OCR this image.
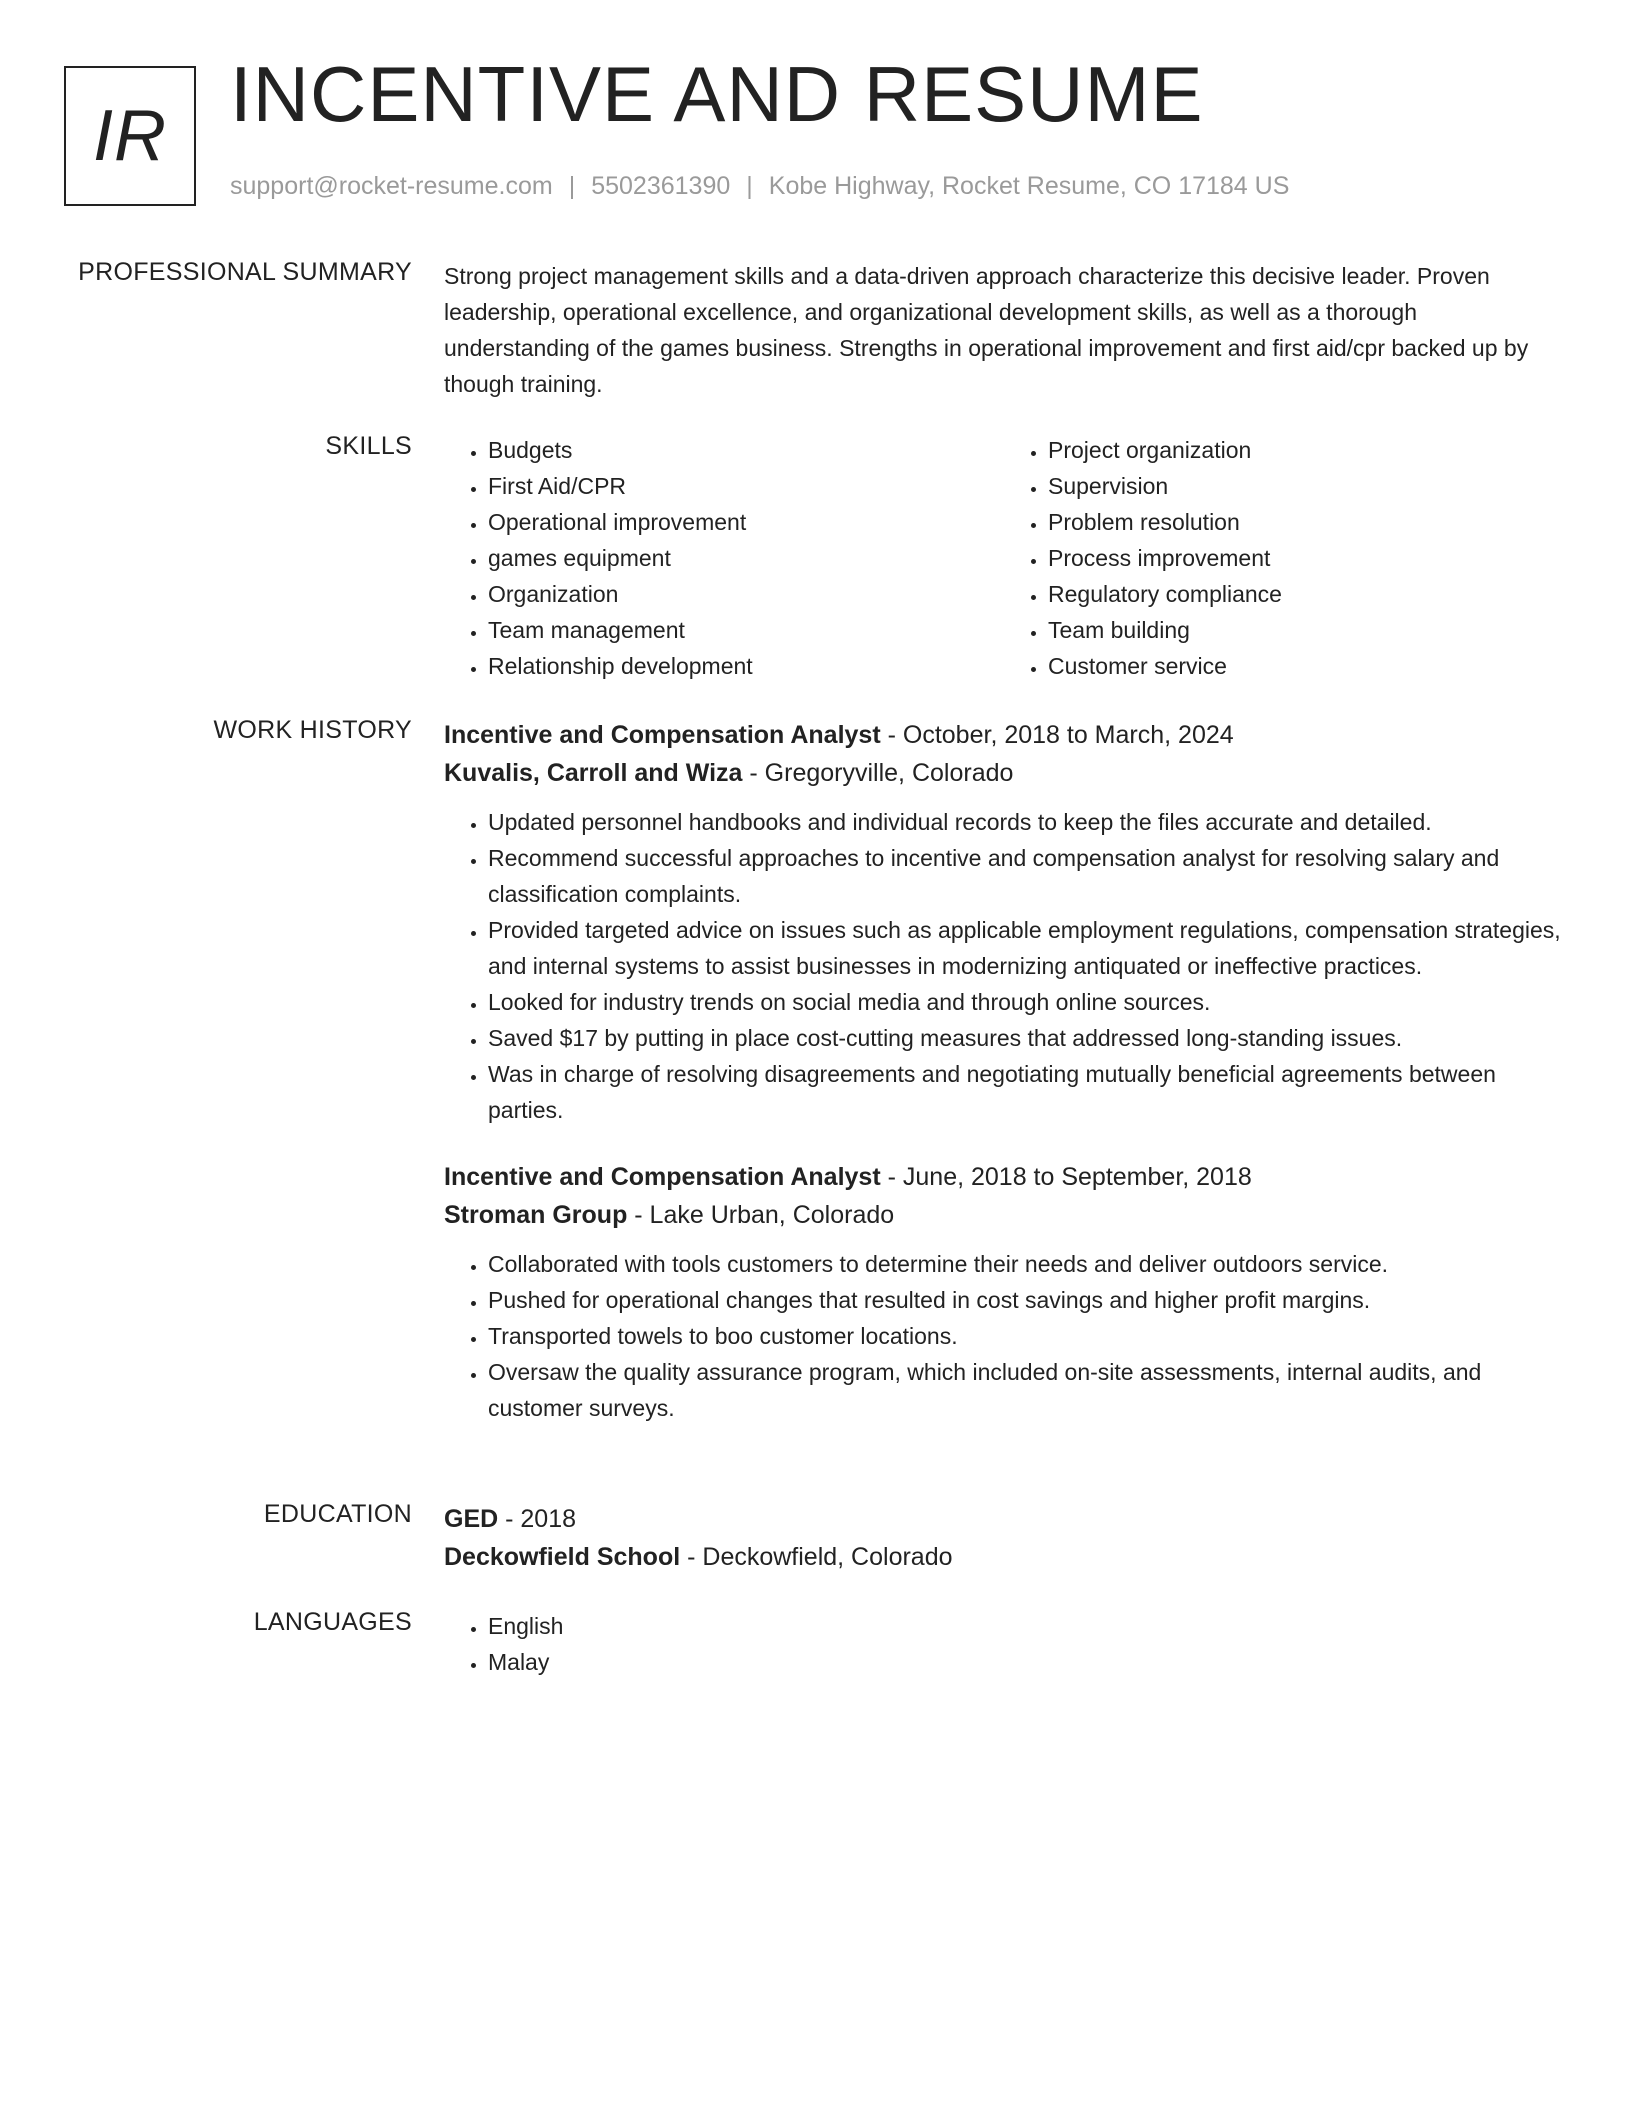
IR INCENTIVE AND RESUME
support@rocket-resume.com | 5502361390 | Kobe Highway, Rocket Resume, CO 17184 US
PROFESSIONAL SUMMARY Strong project management skills and a data-driven approach characterize this decisive leader. Proven leadership, operational excellence, and organizational development skills, as well as a thorough understanding of the games business. Strengths in operational improvement and first aid/cpr backed up by though training.
SKILLS	• Budgets
• First Aid/CPR
• Operational improvement
• games equipment
• Organization
• Team management
• Relationship development
• Project organization
• Supervision
• Problem resolution
• Process improvement
• Regulatory compliance
• Team building
• Customer service
WORK HISTORY Incentive and Compensation Analyst - October, 2018 to March, 2024
Kuvalis, Carroll and Wiza - Gregoryville, Colorado
• Updated personnel handbooks and individual records to keep the files accurate and detailed.
• Recommend successful approaches to incentive and compensation analyst for resolving salary and classification complaints.
• Provided targeted advice on issues such as applicable employment regulations, compensation strategies, and internal systems to assist businesses in modernizing antiquated or ineffective practices.
• Looked for industry trends on social media and through online sources.
• Saved $17 by putting in place cost-cutting measures that addressed long-standing issues.
• Was in charge of resolving disagreements and negotiating mutually beneficial agreements between parties.
Incentive and Compensation Analyst - June, 2018 to September, 2018
Stroman Group - Lake Urban, Colorado
• Collaborated with tools customers to determine their needs and deliver outdoors service.
• Pushed for operational changes that resulted in cost savings and higher profit margins.
• Transported towels to boo customer locations.
• Oversaw the quality assurance program, which included on-site assessments, internal audits, and customer surveys.
EDUCATION GED - 2018
Deckowfield School - Deckowfield, Colorado
LANGUAGES	• English
• Malay
